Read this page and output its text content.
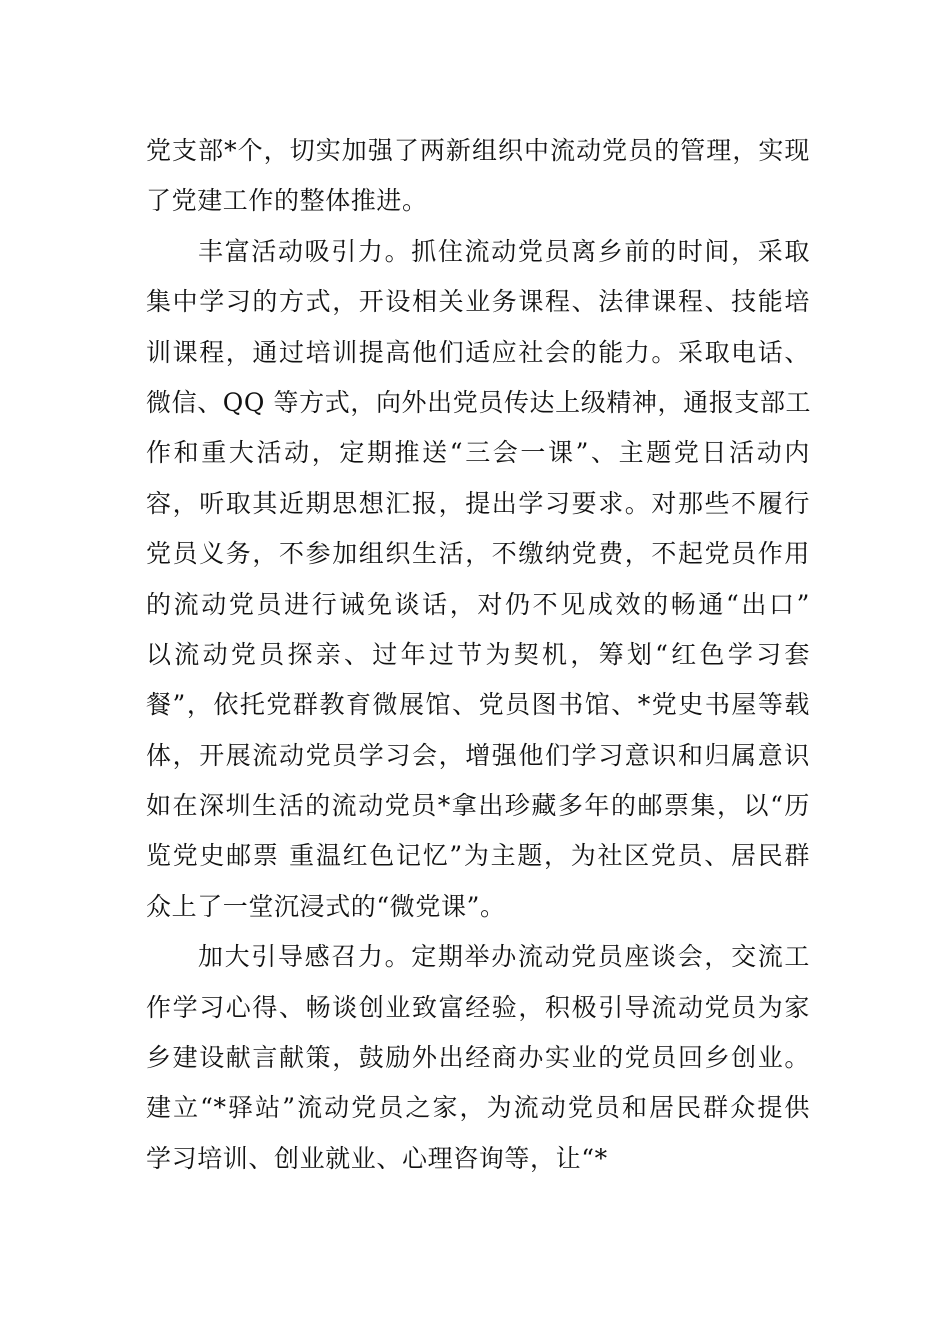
党支部*个，切实加强了两新组织中流动党员的管理，实现
了党建工作的整体推进。
丰富活动吸引力。抓住流动党员离乡前的时间，采取
集中学习的方式，开设相关业务课程、法律课程、技能培
训课程，通过培训提高他们适应社会的能力。采取电话、
微信、QQ 等方式，向外出党员传达上级精神，通报支部工
作和重大活动，定期推送“三会一课”、主题党日活动内
容，听取其近期思想汇报，提出学习要求。对那些不履行
党员义务，不参加组织生活，不缴纳党费，不起党员作用
的流动党员进行诫免谈话，对仍不见成效的畅通“出口”
以流动党员探亲、过年过节为契机，筹划“红色学习套
餐”，依托党群教育微展馆、党员图书馆、*党史书屋等载
体，开展流动党员学习会，增强他们学习意识和归属意识
如在深圳生活的流动党员*拿出珍藏多年的邮票集，以“历
览党史邮票 重温红色记忆”为主题，为社区党员、居民群
众上了一堂沉浸式的“微党课”。
加大引导感召力。定期举办流动党员座谈会，交流工
作学习心得、畅谈创业致富经验，积极引导流动党员为家
乡建设献言献策，鼓励外出经商办实业的党员回乡创业。
建立“*驿站”流动党员之家，为流动党员和居民群众提供
学习培训、创业就业、心理咨询等，让“*
